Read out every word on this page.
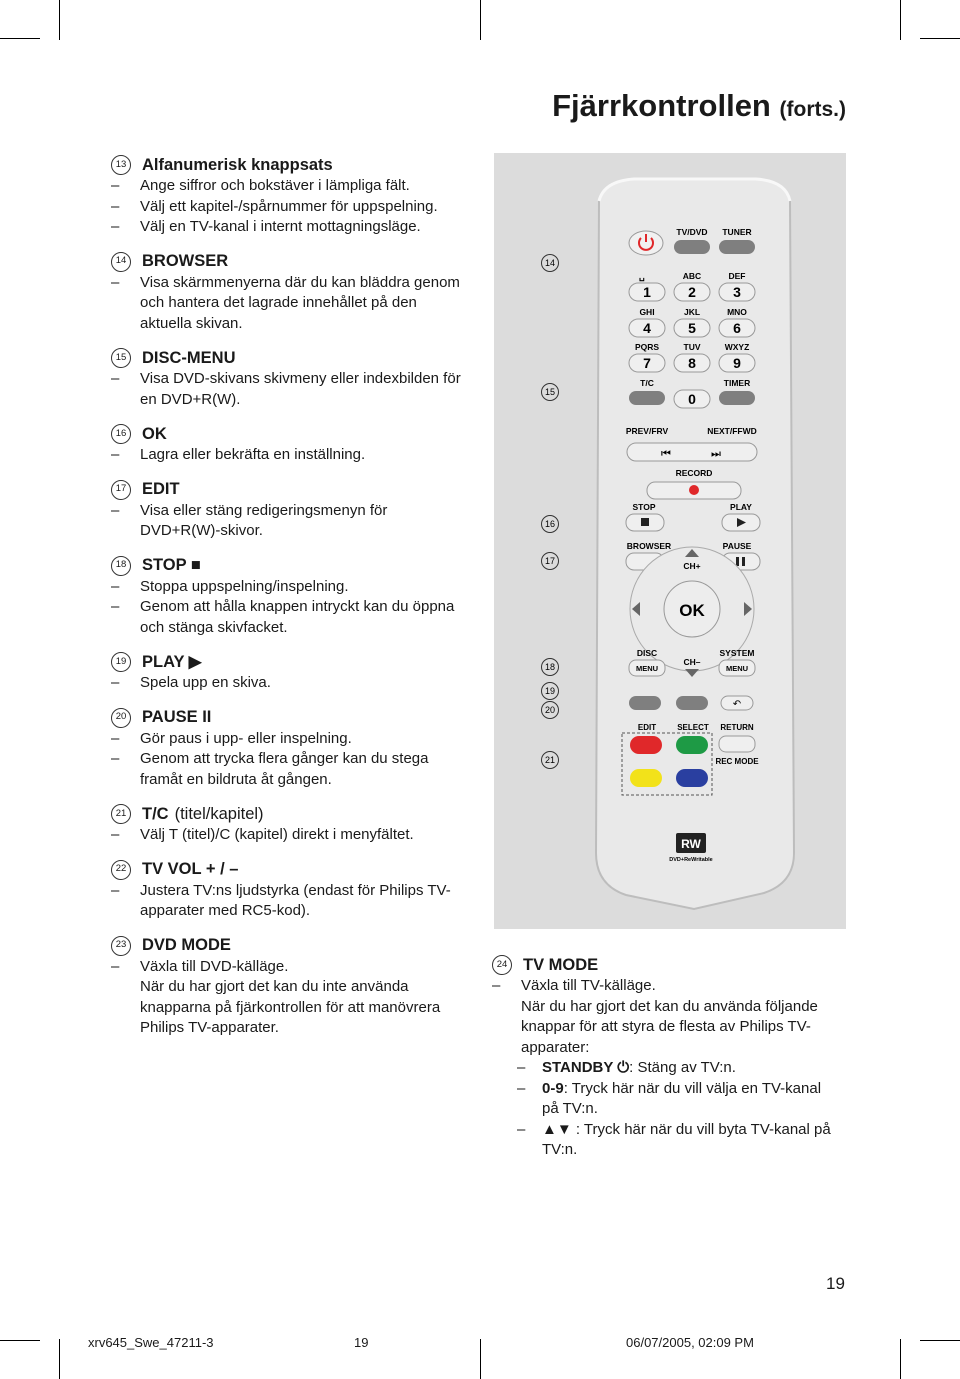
Fjärrkontrollen (forts.)
13 Alfanumerisk knappsats
– Ange siffror och bokstäver i lämpliga fält.
– Välj ett kapitel-/spårnummer för uppspelning.
– Välj en TV-kanal i internt mottagningsläge.
14 BROWSER
– Visa skärmmenyerna där du kan bläddra genom och hantera det lagrade innehållet på den aktuella skivan.
15 DISC-MENU
– Visa DVD-skivans skivmeny eller indexbilden för en DVD+R(W).
16 OK
– Lagra eller bekräfta en inställning.
17 EDIT
– Visa eller stäng redigeringsmenyn för DVD+R(W)-skivor.
18 STOP ■
– Stoppa uppspelning/inspelning.
– Genom att hålla knappen intryckt kan du öppna och stänga skivfacket.
19 PLAY ▶
– Spela upp en skiva.
20 PAUSE II
– Gör paus i upp- eller inspelning.
– Genom att trycka flera gånger kan du stega framåt en bildruta åt gången.
21 T/C (titel/kapitel)
– Välj T (titel)/C (kapitel) direkt i menyfältet.
22 TV VOL + / –
– Justera TV:ns ljudstyrka (endast för Philips TV-apparater med RC5-kod).
23 DVD MODE
– Växla till DVD-källäge.
När du har gjort det kan du inte använda knapparna på fjärkontrollen för att manövrera Philips TV-apparater.
24 TV MODE
– Växla till TV-källäge.
När du har gjort det kan du använda följande knappar för att styra de flesta av Philips TV-apparater:
– STANDBY ⏻: Stäng av TV:n.
– 0-9: Tryck här när du vill välja en TV-kanal på TV:n.
– ▲▼ : Tryck här när du vill byta TV-kanal på TV:n.
TV/DVD TUNER
␣
1
ABC
2
DEF
3
GHI
4
JKL
5
MNO
6
PQRS
7
TUV
8
WXYZ
9
T/C
0
TIMER
PREV/FRV	NEXT/FFWD
⏮	⏭
RECORD
STOP	PLAY
BROWSER	PAUSE
OK
CH+
CH–
DISC
MENU
SYSTEM
MENU
↶
EDIT	SELECT RETURN
REC MODE
RW
DVD+ReWritable
14
15
16
17
18
19
20
21
19
xrv645_Swe_47211-3	19	06/07/2005, 02:09 PM
